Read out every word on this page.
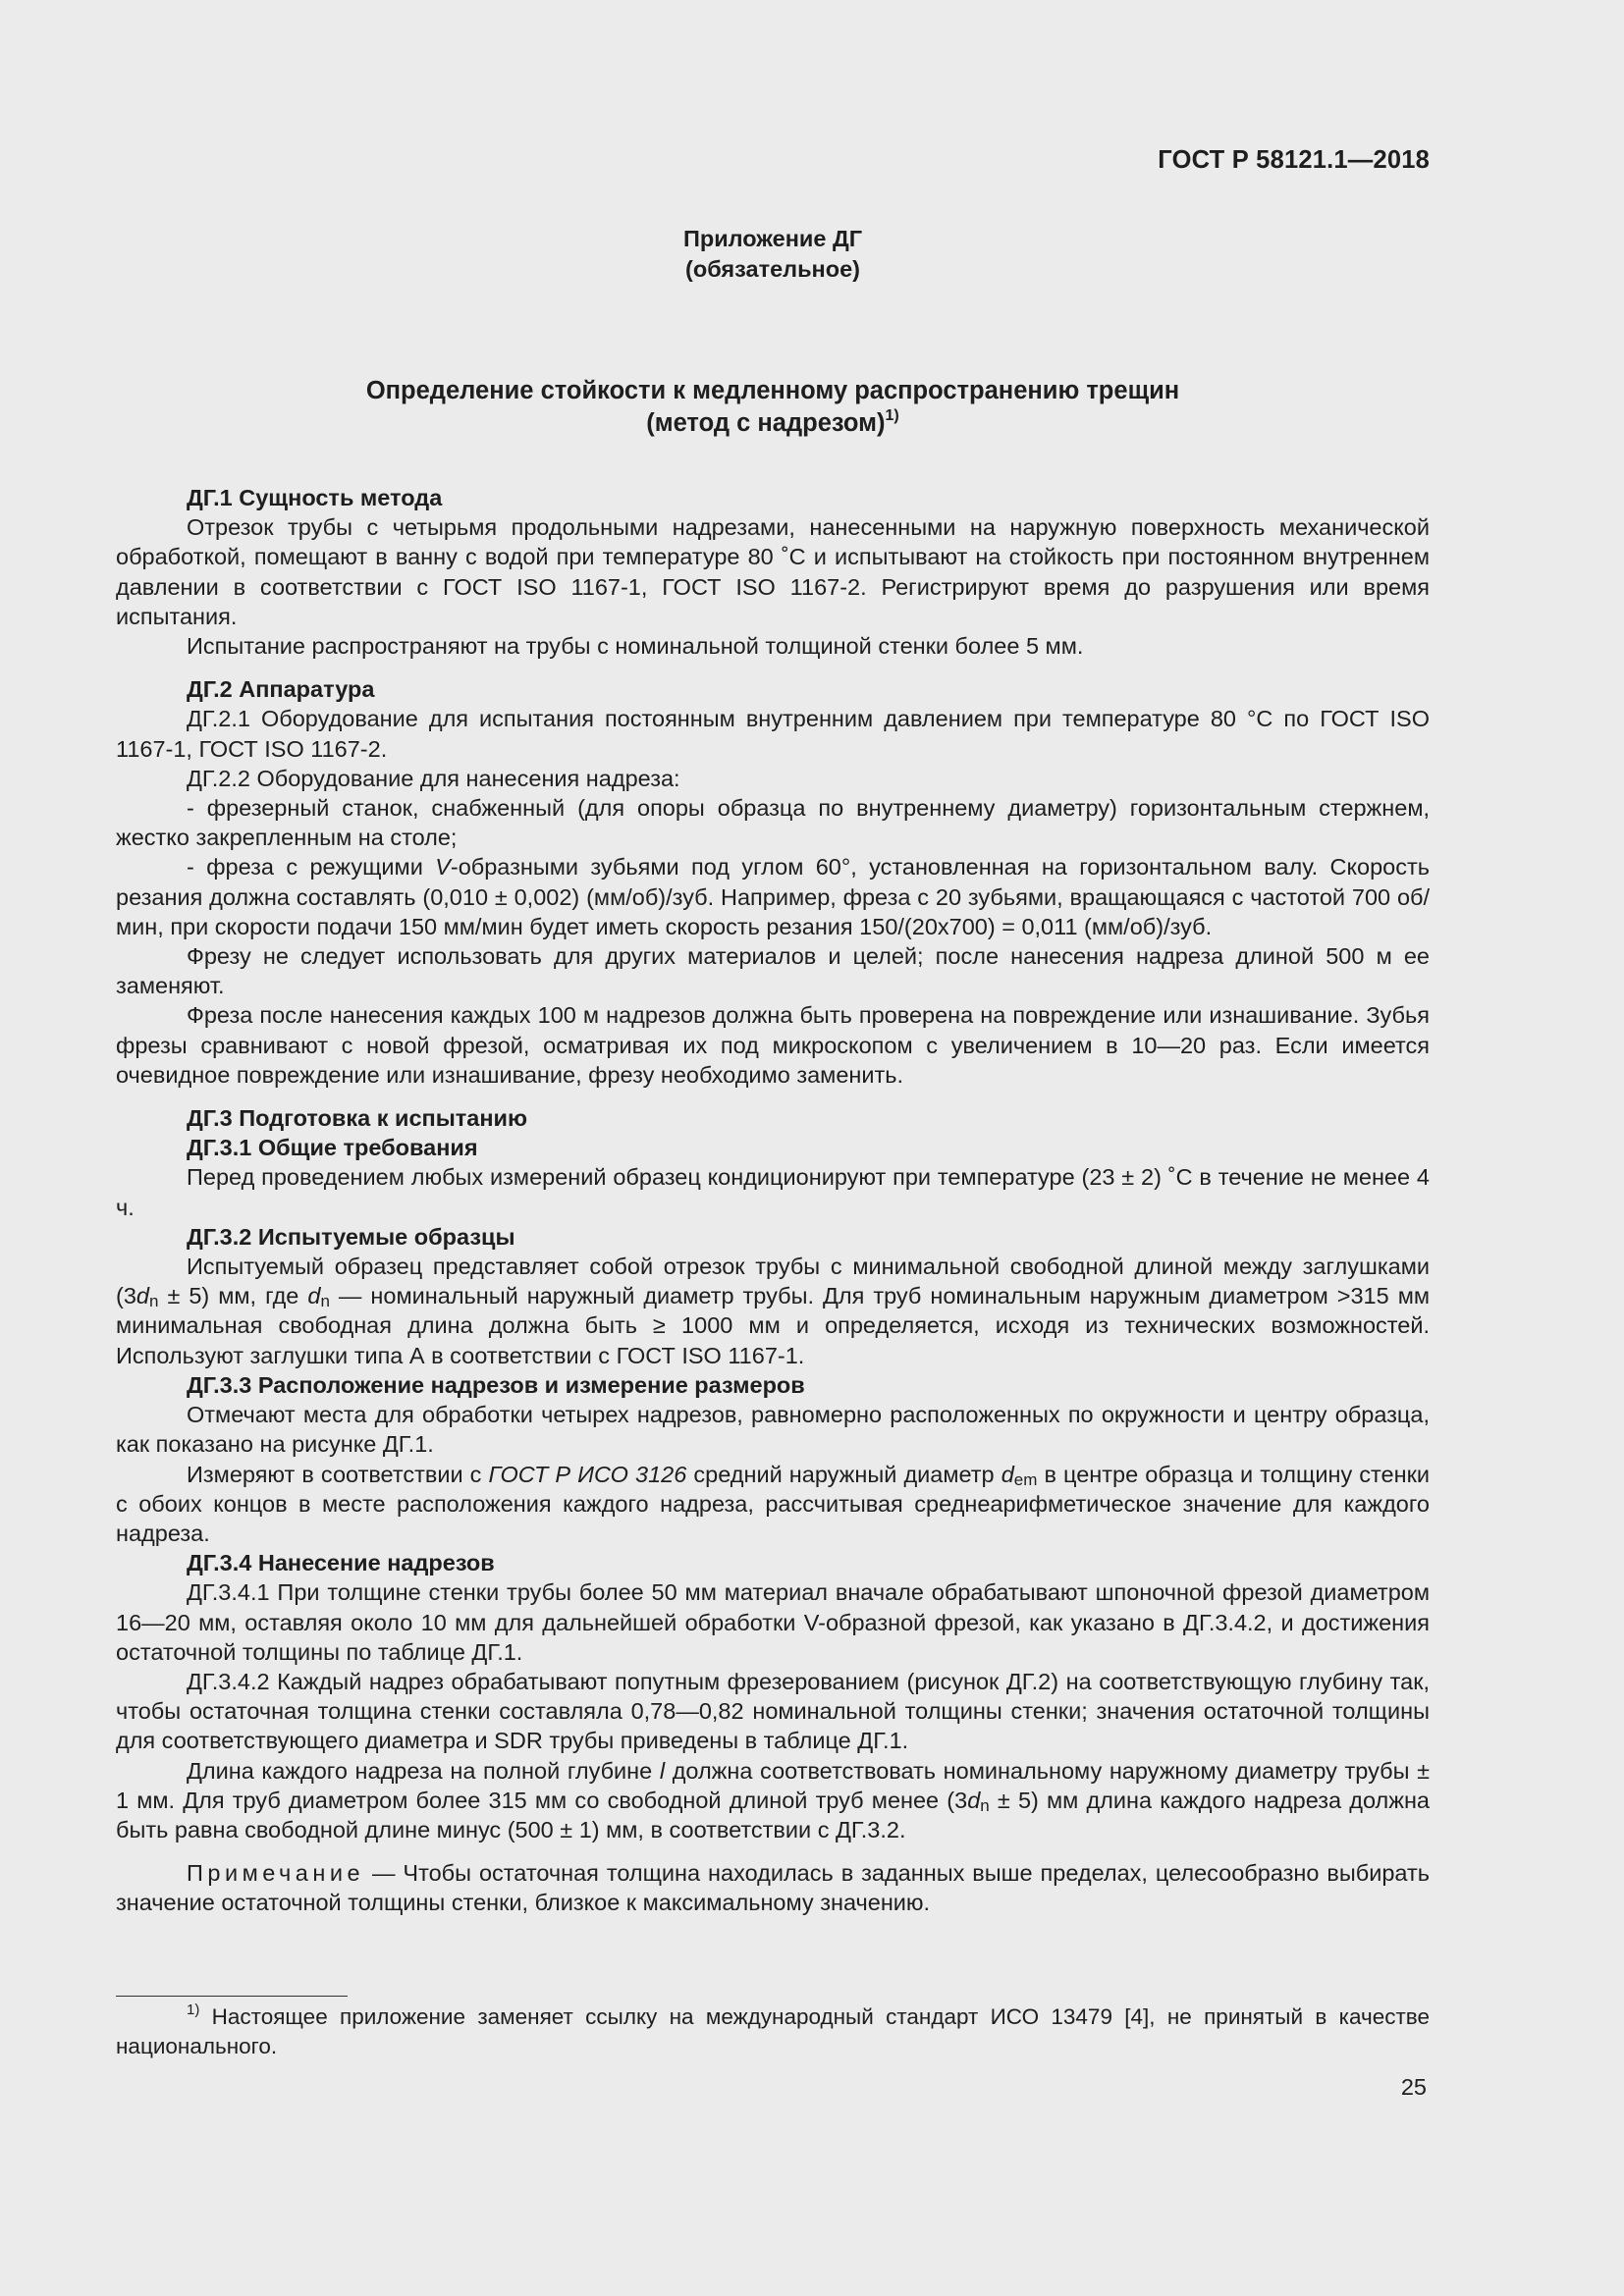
ГОСТ Р 58121.1—2018
Приложение ДГ
(обязательное)
Определение стойкости к медленному распространению трещин
(метод с надрезом)$^{1)}$

ДГ.1 Сущность метода

Отрезок трубы с четырьмя продольными надрезами, нанесенными на наружную поверхность механической обработкой, помещают в ванну с водой при температуре 80 ˚С и испытывают на стойкость при постоянном внутреннем давлении в соответствии с ГОСТ ISO 1167-1, ГОСТ ISO 1167-2. Регистрируют время до разрушения или время испытания.

Испытание распространяют на трубы с номинальной толщиной стенки более 5 мм.

ДГ.2 Аппаратура

ДГ.2.1 Оборудование для испытания постоянным внутренним давлением при температуре 80 °С по ГОСТ ISO 1167-1, ГОСТ ISO 1167-2.

ДГ.2.2 Оборудование для нанесения надреза:

- фрезерный станок, снабженный (для опоры образца по внутреннему диаметру) горизонтальным стержнем, жестко закрепленным на столе;

- фреза с режущими V-образными зубьями под углом 60°, установленная на горизонтальном валу. Скорость резания должна составлять (0,010 ± 0,002) (мм/об)/зуб. Например, фреза с 20 зубьями, вращающаяся с частотой 700 об/мин, при скорости подачи 150 мм/мин будет иметь скорость резания 150/(20х700) = 0,011 (мм/об)/зуб.

Фрезу не следует использовать для других материалов и целей; после нанесения надреза длиной 500 м ее заменяют.

Фреза после нанесения каждых 100 м надрезов должна быть проверена на повреждение или изнашивание. Зубья фрезы сравнивают с новой фрезой, осматривая их под микроскопом с увеличением в 10—20 раз. Если имеется очевидное повреждение или изнашивание, фрезу необходимо заменить.

ДГ.3 Подготовка к испытанию

ДГ.3.1 Общие требования

Перед проведением любых измерений образец кондиционируют при температуре (23 ± 2) ˚С в течение не менее 4 ч.

ДГ.3.2 Испытуемые образцы

Испытуемый образец представляет собой отрезок трубы с минимальной свободной длиной между заглушками $(3d_n \pm 5)$ мм, где $d_n$ — номинальный наружный диаметр трубы. Для труб номинальным наружным диаметром >315 мм минимальная свободная длина должна быть ≥ 1000 мм и определяется, исходя из технических возможностей. Используют заглушки типа А в соответствии с ГОСТ ISO 1167-1.

ДГ.3.3 Расположение надрезов и измерение размеров

Отмечают места для обработки четырех надрезов, равномерно расположенных по окружности и центру образца, как показано на рисунке ДГ.1.

Измеряют в соответствии с ГОСТ Р ИСО 3126 средний наружный диаметр $d_{em}$ в центре образца и толщину стенки с обоих концов в месте расположения каждого надреза, рассчитывая среднеарифметическое значение для каждого надреза.

ДГ.3.4 Нанесение надрезов

ДГ.3.4.1 При толщине стенки трубы более 50 мм материал вначале обрабатывают шпоночной фрезой диаметром 16—20 мм, оставляя около 10 мм для дальнейшей обработки V-образной фрезой, как указано в ДГ.3.4.2, и достижения остаточной толщины по таблице ДГ.1.

ДГ.3.4.2 Каждый надрез обрабатывают попутным фрезерованием (рисунок ДГ.2) на соответствующую глубину так, чтобы остаточная толщина стенки составляла 0,78—0,82 номинальной толщины стенки; значения остаточной толщины для соответствующего диаметра и SDR трубы приведены в таблице ДГ.1.

Длина каждого надреза на полной глубине l должна соответствовать номинальному наружному диаметру трубы ± 1 мм. Для труб диаметром более 315 мм со свободной длиной труб менее $(3d_n \pm 5)$ мм длина каждого надреза должна быть равна свободной длине минус (500 ± 1) мм, в соответствии с ДГ.3.2.

Примечание — Чтобы остаточная толщина находилась в заданных выше пределах, целесообразно выбирать значение остаточной толщины стенки, близкое к максимальному значению.

$^{1)}$ Настоящее приложение заменяет ссылку на международный стандарт ИСО 13479 [4], не принятый в качестве национального.

25
